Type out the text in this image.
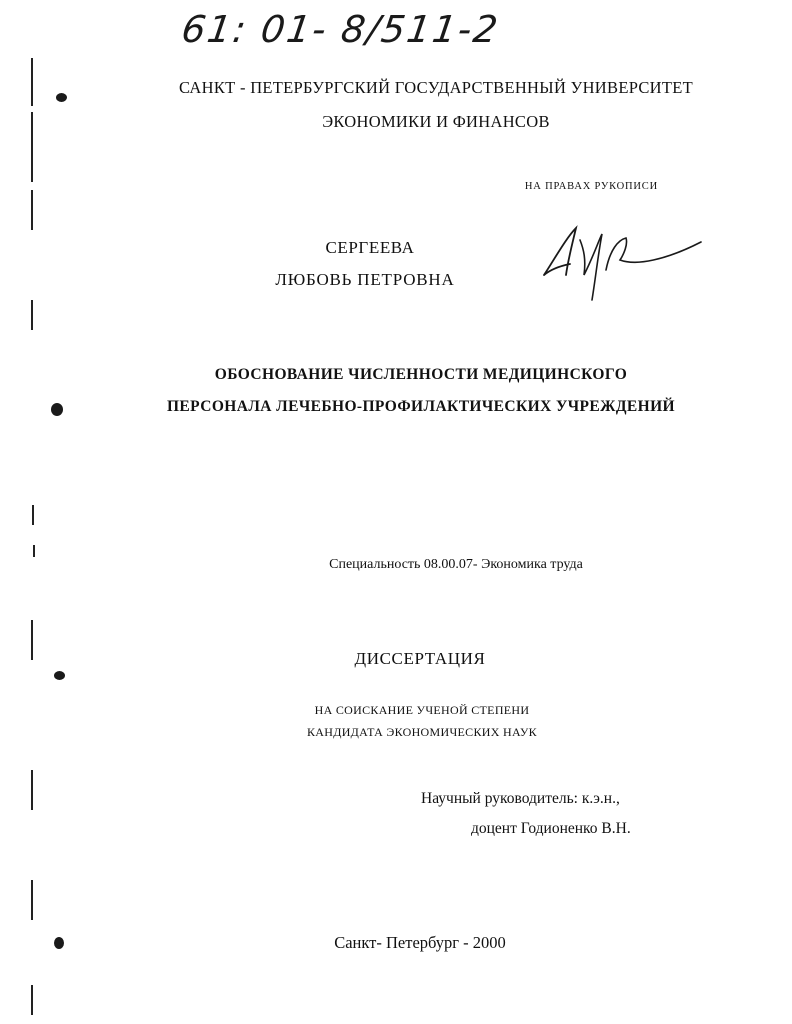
61: 01- 8/511-2

САНКТ - ПЕТЕРБУРГСКИЙ ГОСУДАРСТВЕННЫЙ УНИВЕРСИТЕТ

ЭКОНОМИКИ И ФИНАНСОВ

НА ПРАВАХ РУКОПИСИ

СЕРГЕЕВА

ЛЮБОВЬ ПЕТРОВНА

ОБОСНОВАНИЕ ЧИСЛЕННОСТИ МЕДИЦИНСКОГО

ПЕРСОНАЛА ЛЕЧЕБНО-ПРОФИЛАКТИЧЕСКИХ УЧРЕЖДЕНИЙ

Специальность 08.00.07- Экономика труда

ДИССЕРТАЦИЯ

НА СОИСКАНИЕ УЧЕНОЙ СТЕПЕНИ

КАНДИДАТА ЭКОНОМИЧЕСКИХ НАУК

Научный руководитель: к.э.н.,
доцент Годионенко В.Н.

Санкт- Петербург - 2000
